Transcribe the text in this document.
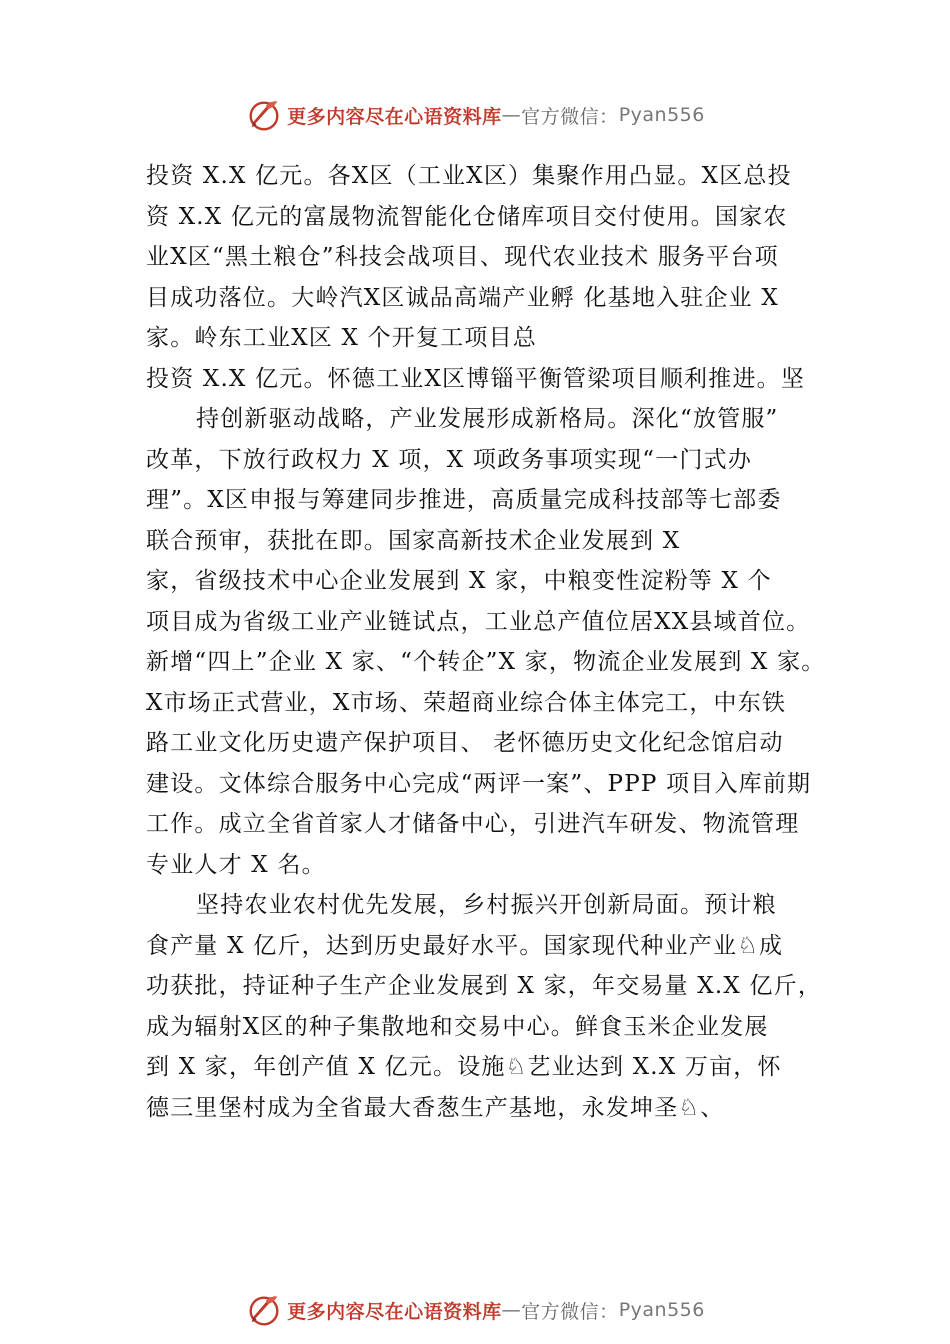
更多内容尽在心语资料库 — 官方微信： Pyan556
投资 X.X 亿元。各Ⅹ区（工业Ⅹ区）集聚作用凸显。Ⅹ区总投
资 X.X 亿元的富晟物流智能化仓储库项目交付使用。国家农
业Ⅹ区“黑土粮仓”科技会战项目、现代农业技术 服务平台项
目成功落位。大岭汽Ⅹ区诚品高端产业孵 化基地入驻企业 X
家。岭东工业Ⅹ区 X 个开复工项目总
投资 X.X 亿元。怀德工业Ⅹ区博锱平衡管梁项目顺利推进。坚
持创新驱动战略，产业发展形成新格局。深化“放管服”
改革，下放行政权力 X 项，X 项政务事项实现“一门式办
理”。Ⅹ区申报与筹建同步推进，高质量完成科技部等七部委
联合预审，获批在即。国家高新技术企业发展到 X
家，省级技术中心企业发展到 X 家，中粮变性淀粉等 X 个
项目成为省级工业产业链试点，工业总产值位居XX县域首位。
新增“四上”企业 X 家、“个转企”X 家，物流企业发展到 X 家。
Ⅹ市场正式营业，Ⅹ市场、荣超商业综合体主体完工，中东铁
路工业文化历史遗产保护项目、 老怀德历史文化纪念馆启动
建设。文体综合服务中心完成“两评一案”、PPP 项目入库前期
工作。成立全省首家人才储备中心，引进汽车研发、物流管理
专业人才 X 名。
坚持农业农村优先发展，乡村振兴开创新局面。预计粮
食产量 X 亿斤，达到历史最好水平。国家现代种业产业♘成
功获批，持证种子生产企业发展到 X 家，年交易量 X.X 亿斤，
成为辐射Ⅹ区的种子集散地和交易中心。鲜食玉米企业发展
到 X 家，年创产值 X 亿元。设施♘艺业达到 X.X 万亩，怀
德三里堡村成为全省最大香葱生产基地，永发坤圣♘、
更多内容尽在心语资料库 — 官方微信： Pyan556
